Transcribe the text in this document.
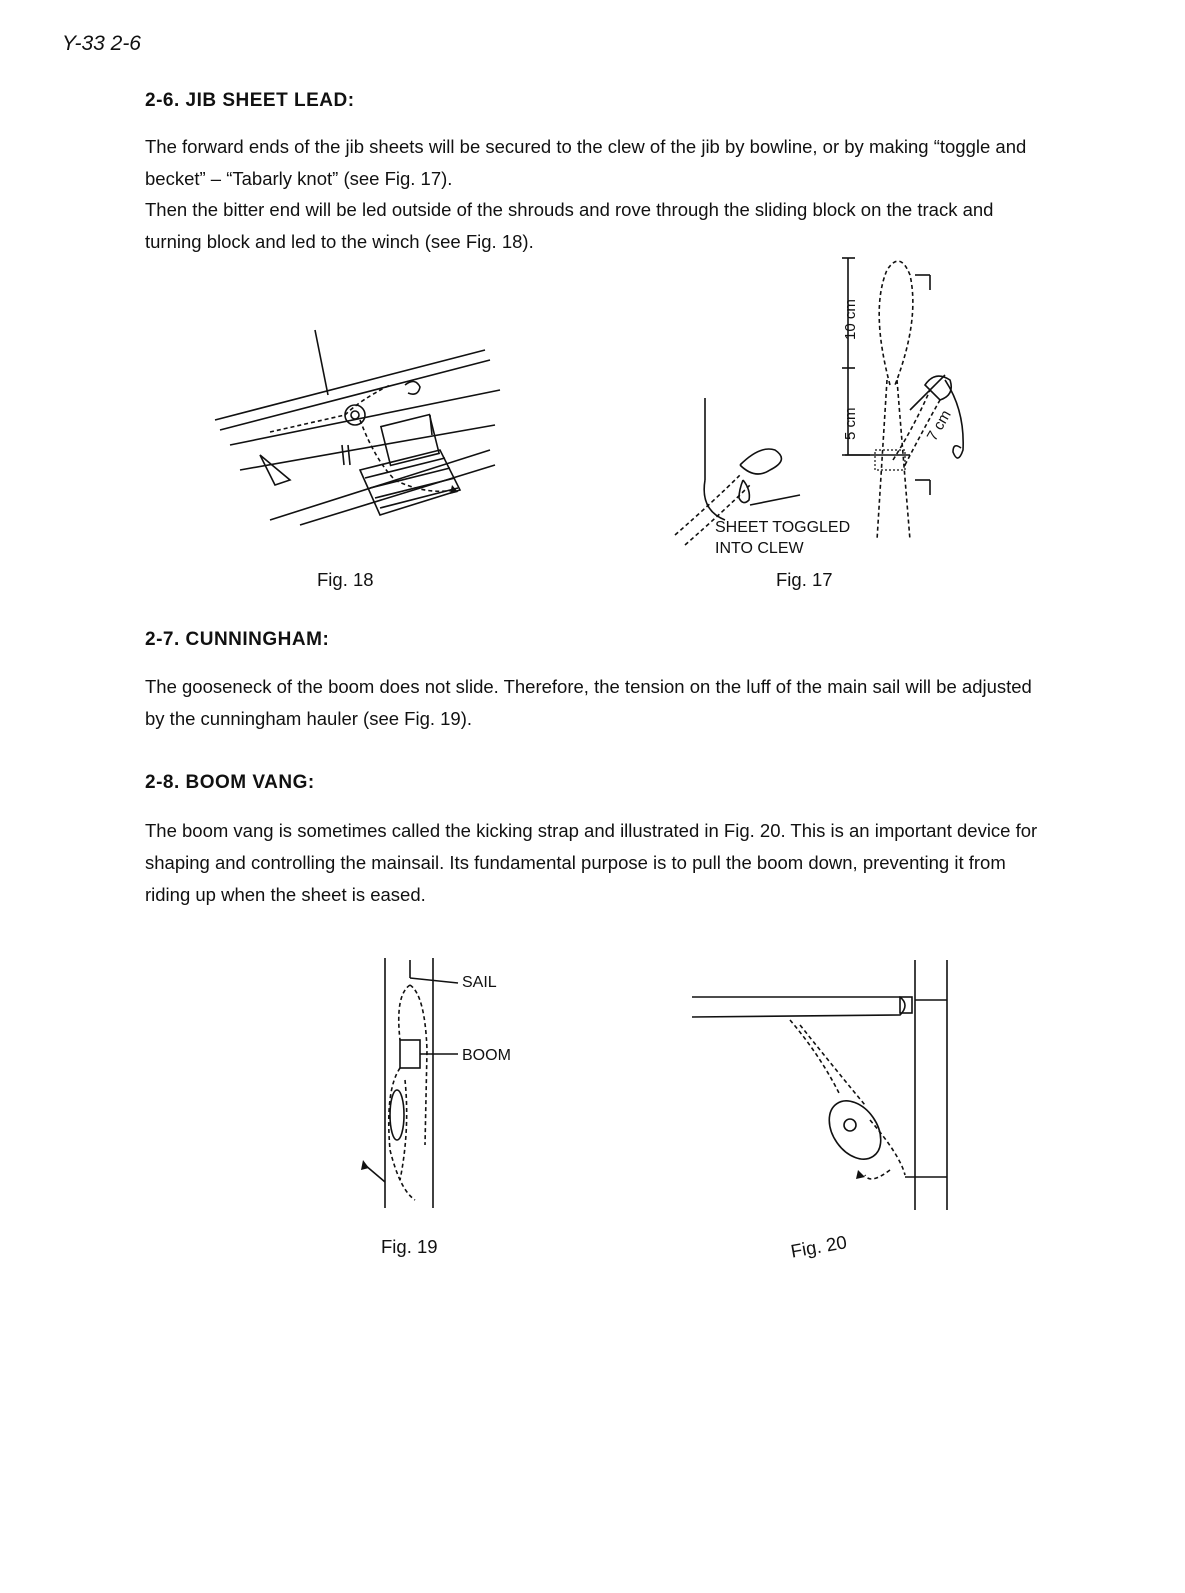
Y-33 2-6
2-6. JIB SHEET LEAD:
The forward ends of the jib sheets will be secured to the clew of the jib by bowline, or by making “toggle and becket” – “Tabarly knot” (see Fig. 17).
Then the bitter end will be led outside of the shrouds and rove through the sliding block on the track and turning block and led to the winch (see Fig. 18).
Fig. 18
10 cm
5 cm	7 cm
SHEET TOGGLED
INTO CLEW
Fig. 17
2-7. CUNNINGHAM:
The gooseneck of the boom does not slide. Therefore, the tension on the luff of the main sail will be adjusted by the cunningham hauler (see Fig. 19).
2-8. BOOM VANG:
The boom vang is sometimes called the kicking strap and illustrated in Fig. 20. This is an important device for shaping and controlling the mainsail. Its fundamental purpose is to pull the boom down, preventing it from riding up when the sheet is eased.
SAIL
BOOM
Fig. 19	Fig. 20
